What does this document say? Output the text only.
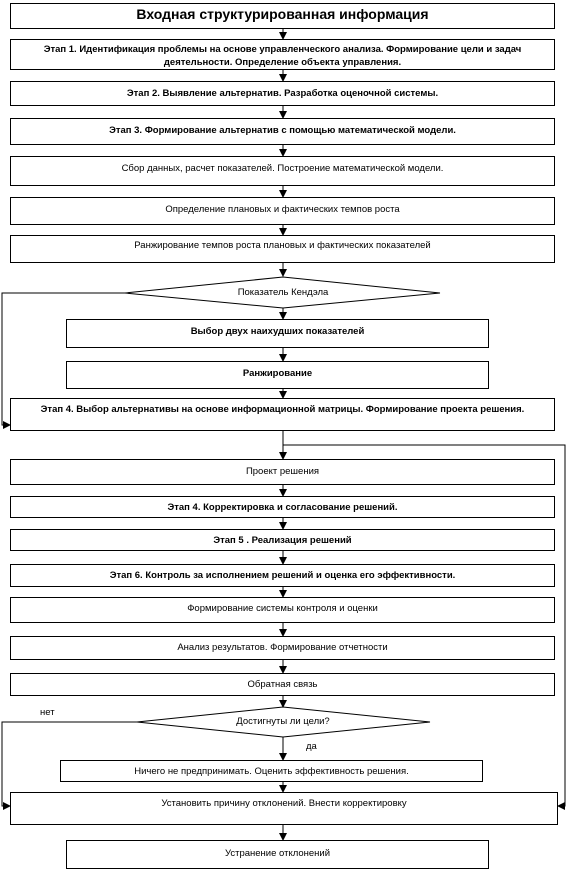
Входная структурированная информация
Этап 1. Идентификация проблемы на основе управленческого анализа. Формирование цели и задач деятельности. Определение объекта управления.
Этап 2. Выявление альтернатив. Разработка оценочной системы.
Этап 3. Формирование альтернатив с помощью математической модели.
Сбор данных, расчет показателей. Построение математической модели.
Определение плановых и фактических темпов роста
Ранжирование темпов роста плановых и фактических показателей
Показатель Кендэла
Выбор двух наихудших показателей
Ранжирование
Этап 4. Выбор альтернативы на основе информационной матрицы. Формирование проекта решения.
Проект решения
Этап 4. Корректировка и согласование решений.
Этап 5 . Реализация решений
Этап 6. Контроль за исполнением решений и оценка его эффективности.
Формирование системы контроля и оценки
Анализ результатов. Формирование отчетности
Обратная связь
Достигнуты ли цели?
нет
да
Ничего не предпринимать. Оценить эффективность решения.
Установить причину отклонений. Внести корректировку
Устранение отклонений
